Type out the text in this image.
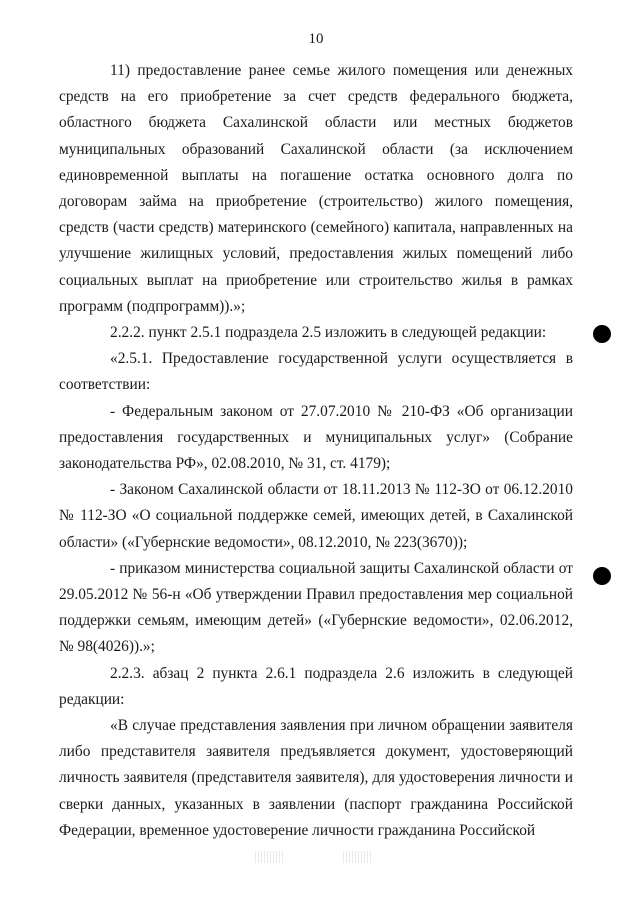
10

11) предоставление ранее семье жилого помещения или денежных средств на его приобретение за счет средств федерального бюджета, областного бюджета Сахалинской области или местных бюджетов муниципальных образований Сахалинской области (за исключением единовременной выплаты на погашение остатка основного долга по договорам займа на приобретение (строительство) жилого помещения, средств (части средств) материнского (семейного) капитала, направленных на улучшение жилищных условий, предоставления жилых помещений либо социальных выплат на приобретение или строительство жилья в рамках программ (подпрограмм)).»;

2.2.2. пункт 2.5.1 подраздела 2.5 изложить в следующей редакции:

«2.5.1. Предоставление государственной услуги осуществляется в соответствии:

- Федеральным законом от 27.07.2010 № 210-ФЗ «Об организации предоставления государственных и муниципальных услуг» (Собрание законодательства РФ», 02.08.2010, № 31, ст. 4179);

- Законом Сахалинской области от 18.11.2013 № 112-ЗО от 06.12.2010 № 112-ЗО «О социальной поддержке семей, имеющих детей, в Сахалинской области» («Губернские ведомости», 08.12.2010, № 223(3670));

- приказом министерства социальной защиты Сахалинской области от 29.05.2012 № 56-н «Об утверждении Правил предоставления мер социальной поддержки семьям, имеющим детей» («Губернские ведомости», 02.06.2012, № 98(4026)).»;

2.2.3. абзац 2 пункта 2.6.1 подраздела 2.6 изложить в следующей редакции:

«В случае представления заявления при личном обращении заявителя либо представителя заявителя предъявляется документ, удостоверяющий личность заявителя (представителя заявителя), для удостоверения личности и сверки данных, указанных в заявлении (паспорт гражданина Российской Федерации, временное удостоверение личности гражданина Российской
